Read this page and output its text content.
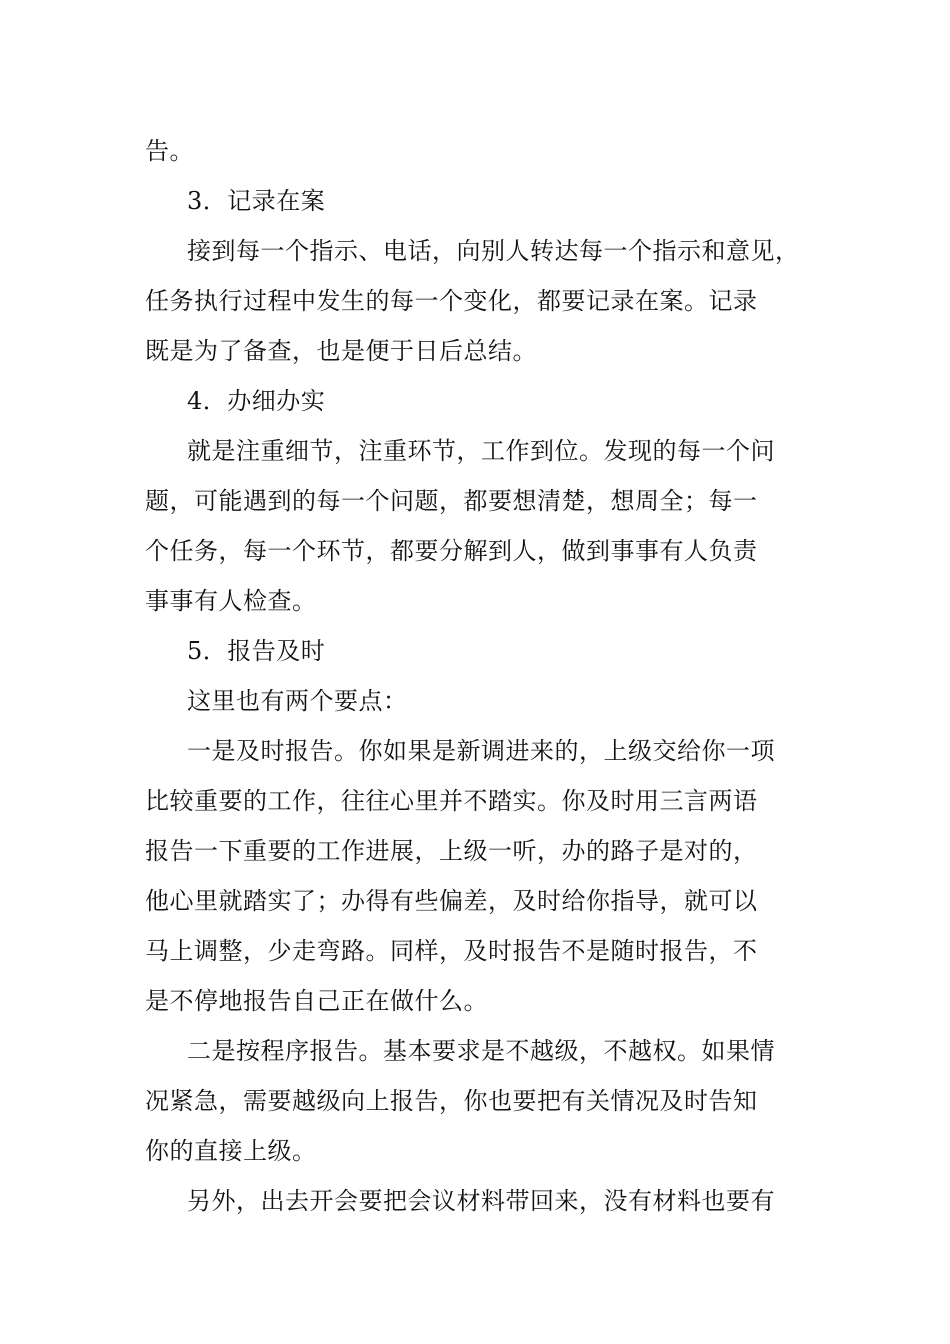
告。
3．记录在案
接到每一个指示、电话，向别人转达每一个指示和意见，
任务执行过程中发生的每一个变化，都要记录在案。记录
既是为了备查，也是便于日后总结。
4．办细办实
就是注重细节，注重环节，工作到位。发现的每一个问
题，可能遇到的每一个问题，都要想清楚，想周全；每一
个任务，每一个环节，都要分解到人，做到事事有人负责
事事有人检查。
5．报告及时
这里也有两个要点：
一是及时报告。你如果是新调进来的，上级交给你一项
比较重要的工作，往往心里并不踏实。你及时用三言两语
报告一下重要的工作进展，上级一听，办的路子是对的，
他心里就踏实了；办得有些偏差，及时给你指导，就可以
马上调整，少走弯路。同样，及时报告不是随时报告，不
是不停地报告自己正在做什么。
二是按程序报告。基本要求是不越级，不越权。如果情
况紧急，需要越级向上报告，你也要把有关情况及时告知
你的直接上级。
另外，出去开会要把会议材料带回来，没有材料也要有
